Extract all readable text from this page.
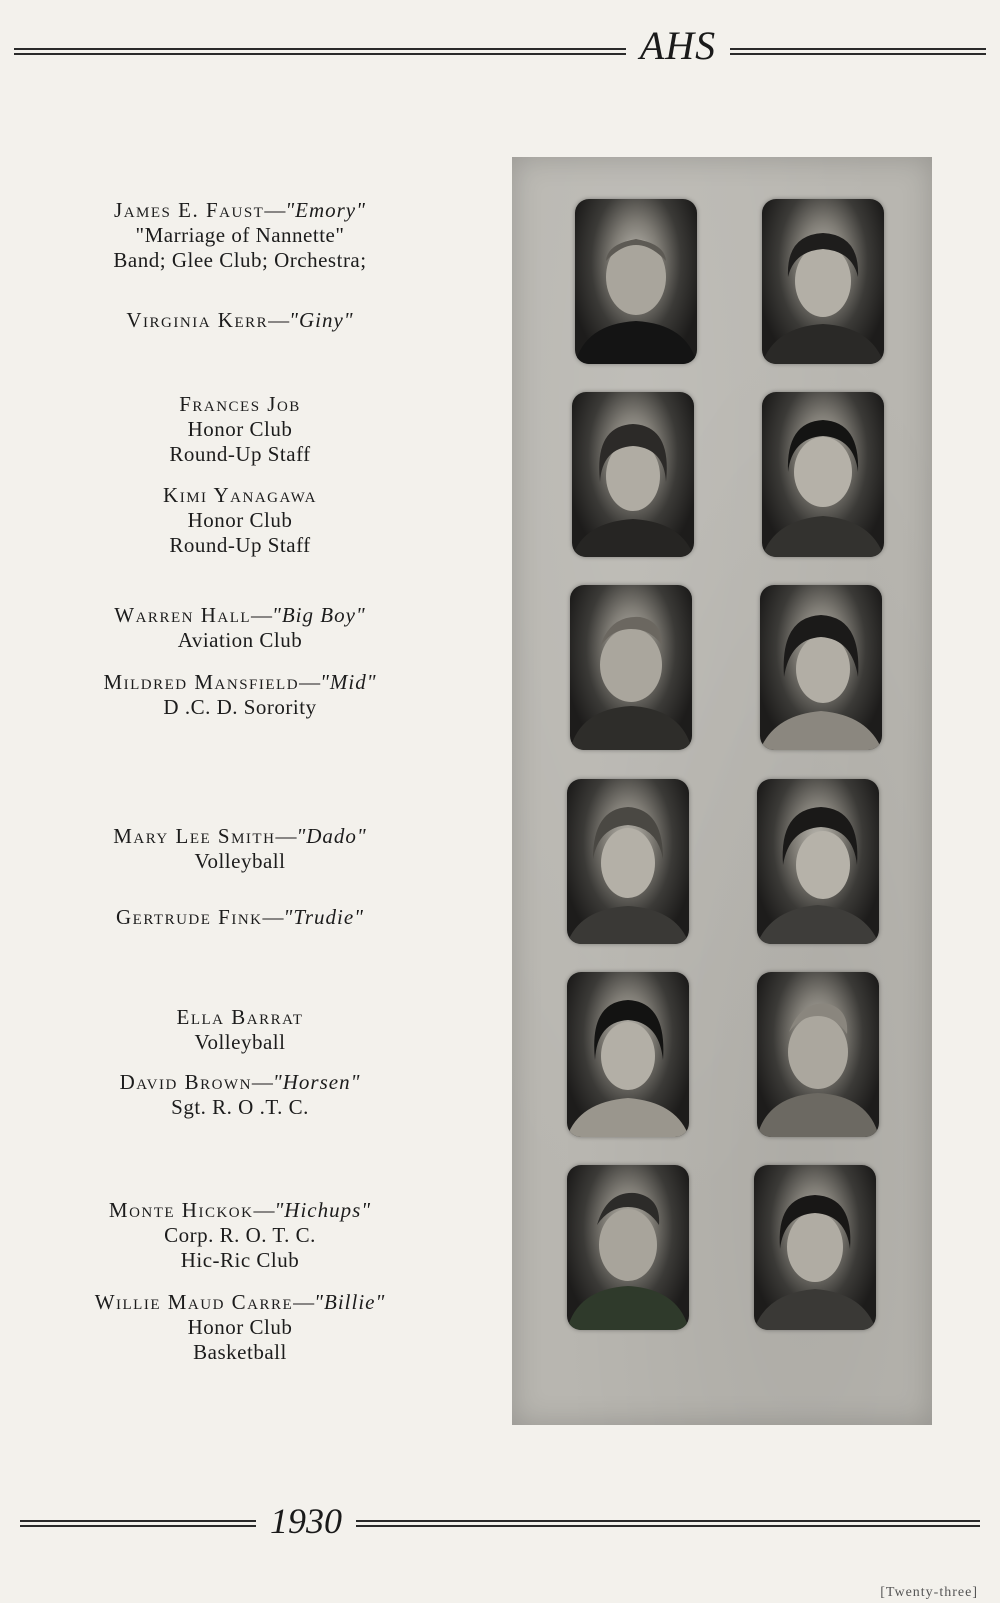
AHS
James E. Faust—"Emory"
"Marriage of Nannette"
Band; Glee Club; Orchestra;
Virginia Kerr—"Giny"
Frances Job
Honor Club
Round-Up Staff
Kimi Yanagawa
Honor Club
Round-Up Staff
Warren Hall—"Big Boy"
Aviation Club
Mildred Mansfield—"Mid"
D .C. D. Sorority
Mary Lee Smith—"Dado"
Volleyball
Gertrude Fink—"Trudie"
Ella Barrat
Volleyball
David Brown—"Horsen"
Sgt. R. O .T. C.
Monte Hickok—"Hichups"
Corp. R. O. T. C.
Hic-Ric Club
Willie Maud Carre—"Billie"
Honor Club
Basketball
1930
[Twenty-three]
